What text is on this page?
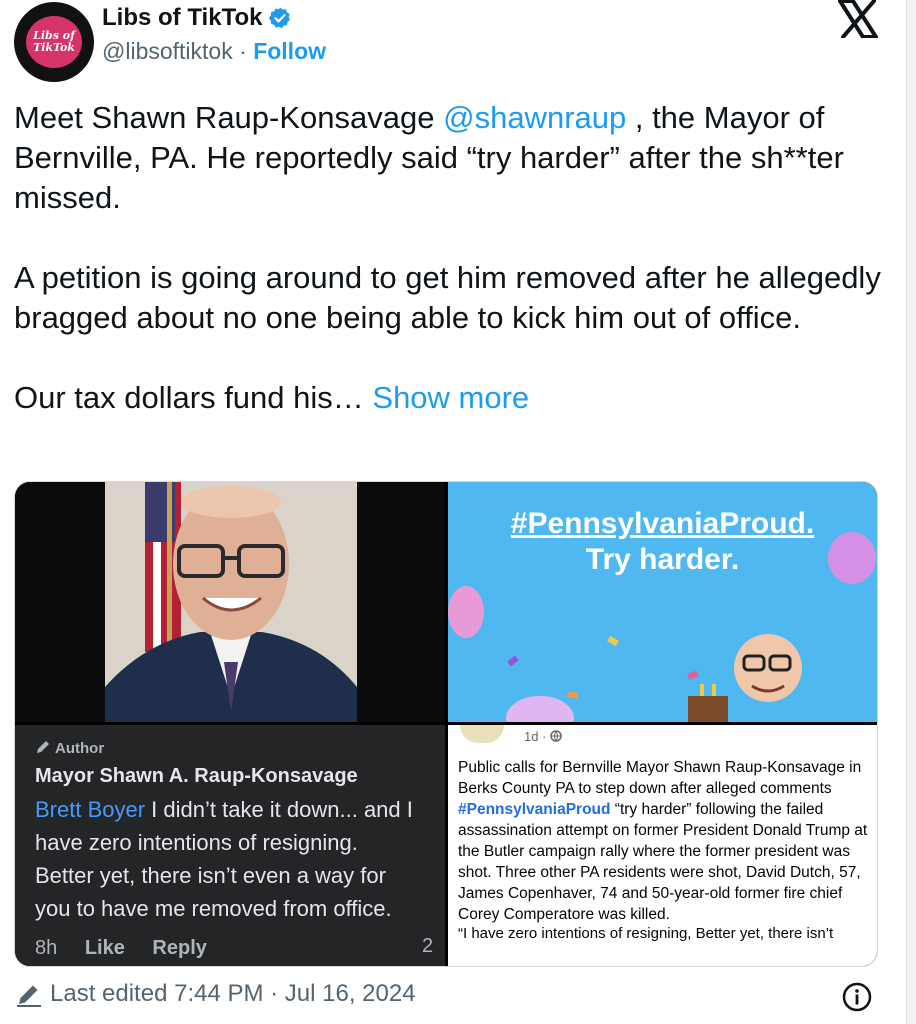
Libs of TikTok
Libs of TikTok
@libsoftiktok · Follow

Meet Shawn Raup-Konsavage @shawnraup , the Mayor of Bernville, PA. He reportedly said “try harder” after the sh**ter missed.

A petition is going around to get him removed after he allegedly bragged about no one being able to kick him out of office.

Our tax dollars fund his… Show more

#PennsylvaniaProud.
Try harder.
Author
Mayor Shawn A. Raup-Konsavage
Brett Boyer I didn’t take it down... and I
have zero intentions of resigning.
Better yet, there isn’t even a way for
you to have me removed from office.
8h Like Reply	2
1d ·
Public calls for Bernville Mayor Shawn Raup-Konsavage in Berks County PA to step down after alleged comments #PennsylvaniaProud “try harder” following the failed assassination attempt on former President Donald Trump at the Butler campaign rally where the former president was shot. Three other PA residents were shot, David Dutch, 57, James Copenhaver, 74 and 50-year-old former fire chief Corey Comperatore was killed.
“I have zero intentions of resigning, Better yet, there isn’t
Last edited 7:44 PM · Jul 16, 2024
